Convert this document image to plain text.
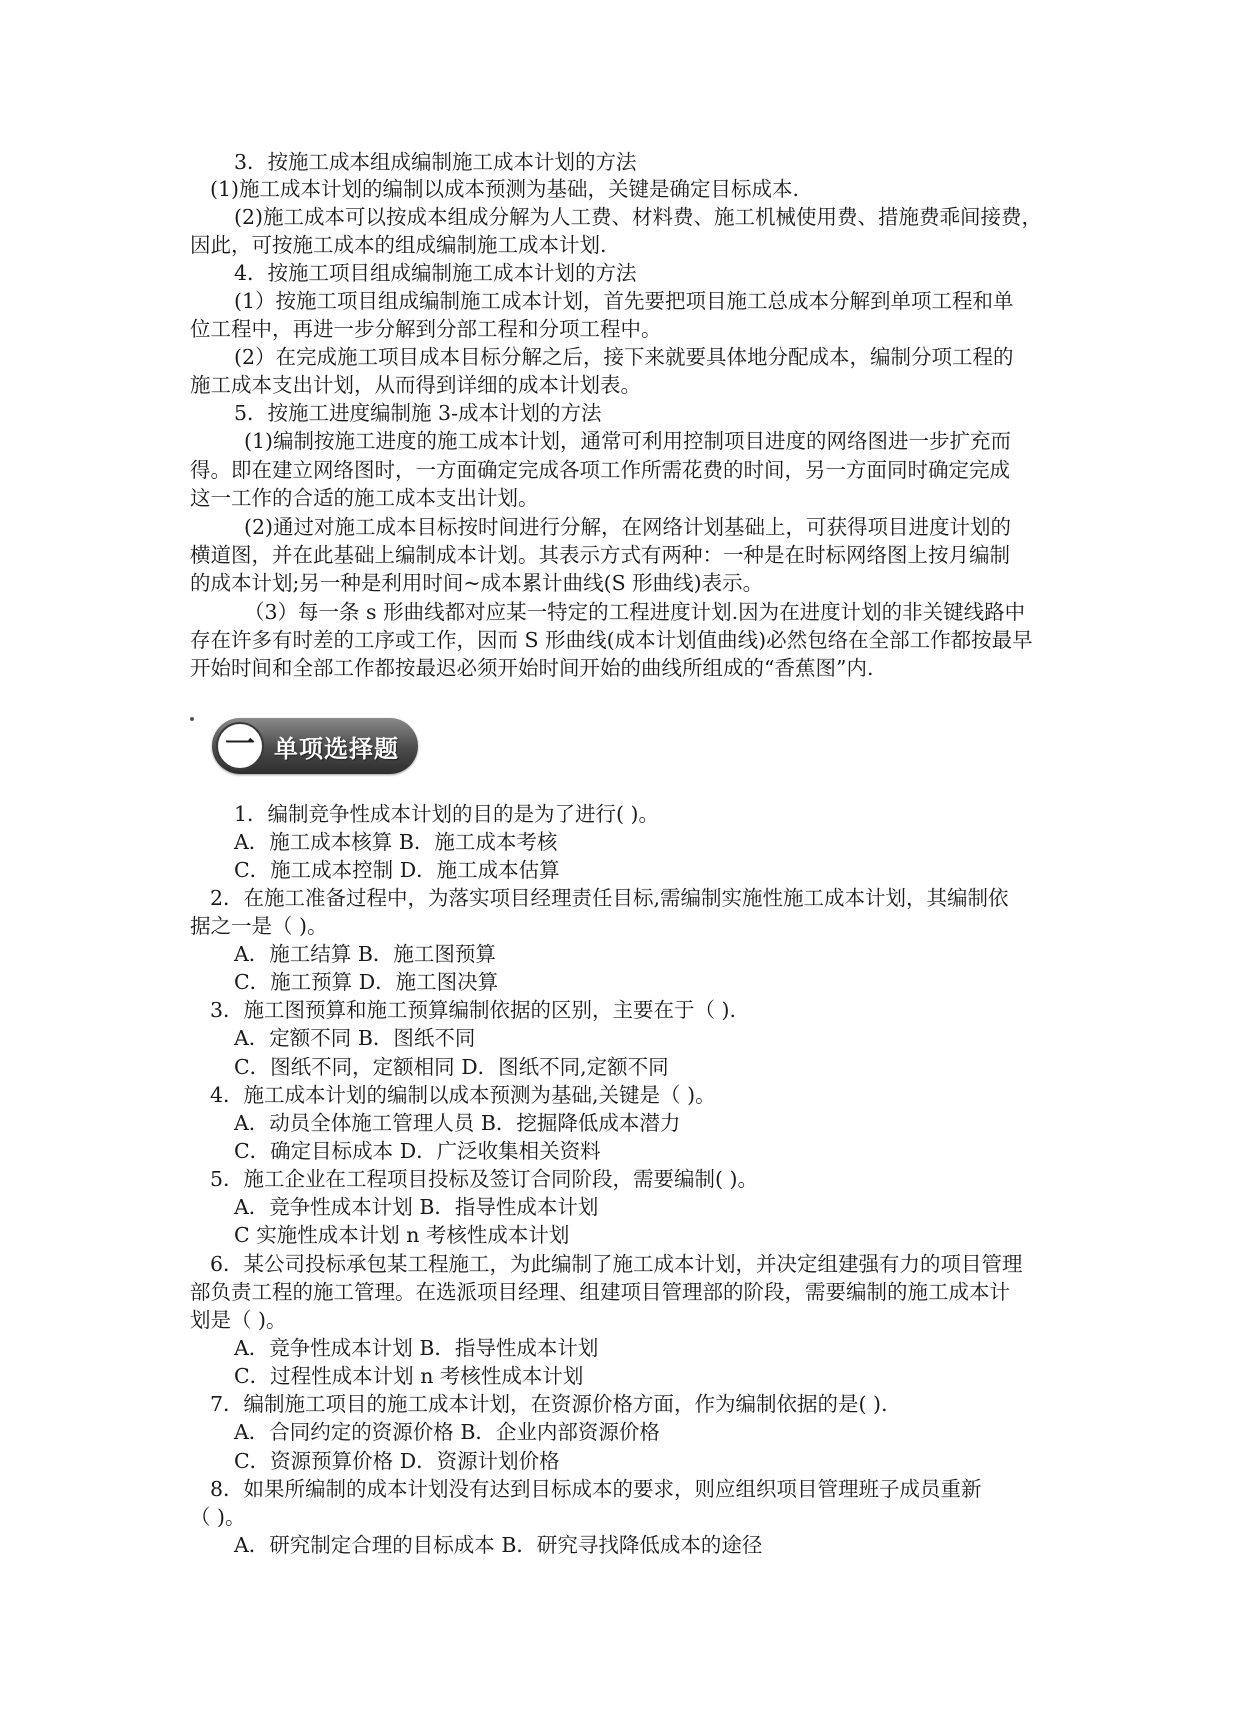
3．按施工成本组成编制施工成本计划的方法
(1)施工成本计划的编制以成本预测为基础，关键是确定目标成本.
(2)施工成本可以按成本组成分解为人工费、材料费、施工机械使用费、措施费乖间接费，
因此，可按施工成本的组成编制施工成本计划.
4．按施工项目组成编制施工成本计划的方法
(1）按施工项目组成编制施工成本计划，首先要把项目施工总成本分解到单项工程和单
位工程中，再进一步分解到分部工程和分项工程中。
(2）在完成施工项目成本目标分解之后，接下来就要具体地分配成本，编制分项工程的
施工成本支出计划，从而得到详细的成本计划表。
5．按施工进度编制施 3-成本计划的方法
(1)编制按施工进度的施工成本计划，通常可利用控制项目进度的网络图进一步扩充而
得。即在建立网络图时，一方面确定完成各项工作所需花费的时间，另一方面同时确定完成
这一工作的合适的施工成本支出计划。
(2)通过对施工成本目标按时间进行分解，在网络计划基础上，可获得项目进度计划的
横道图，并在此基础上编制成本计划。其表示方式有两种：一种是在时标网络图上按月编制
的成本计划;另一种是利用时间~成本累计曲线(S 形曲线)表示。
（3）每一条 s 形曲线都对应某一特定的工程进度计划.因为在进度计划的非关键线路中
存在许多有时差的工序或工作，因而 S 形曲线(成本计划值曲线)必然包络在全部工作都按最早
开始时间和全部工作都按最迟必须开始时间开始的曲线所组成的“香蕉图”内.
一 单项选择题
1．编制竞争性成本计划的目的是为了进行( )。
A．施工成本核算 B．施工成本考核
C．施工成本控制 D．施工成本估算
2．在施工准备过程中，为落实项目经理责任目标,需编制实施性施工成本计划，其编制依
据之一是（ )。
A．施工结算 B．施工图预算
C．施工预算 D．施工图决算
3．施工图预算和施工预算编制依据的区别，主要在于（ ).
A．定额不同 B．图纸不同
C．图纸不同，定额相同 D．图纸不同,定额不同
4．施工成本计划的编制以成本预测为基础,关键是（ )。
A．动员全体施工管理人员 B．挖掘降低成本潜力
C．确定目标成本 D．广泛收集相关资料
5．施工企业在工程项目投标及签订合同阶段，需要编制( )。
A．竞争性成本计划 B．指导性成本计划
C 实施性成本计划 n 考核性成本计划
6．某公司投标承包某工程施工，为此编制了施工成本计划，并决定组建强有力的项目管理
部负责工程的施工管理。在选派项目经理、组建项目管理部的阶段，需要编制的施工成本计
划是（ )。
A．竞争性成本计划 B．指导性成本计划
C．过程性成本计划 n 考核性成本计划
7．编制施工项目的施工成本计划，在资源价格方面，作为编制依据的是( ).
A．合同约定的资源价格 B．企业内部资源价格
C．资源预算价格 D．资源计划价格
8．如果所编制的成本计划没有达到目标成本的要求，则应组织项目管理班子成员重新
（ )。
A．研究制定合理的目标成本 B．研究寻找降低成本的途径
